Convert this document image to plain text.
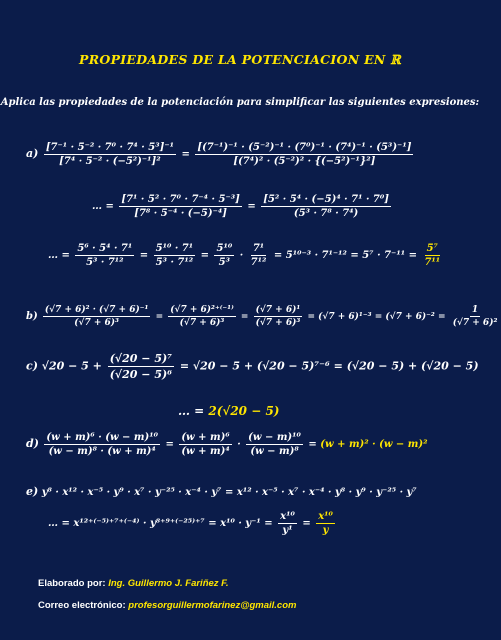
PROPIEDADES DE LA POTENCIACION EN ℝ
Aplica las propiedades de la potenciación para simplificar las siguientes expresiones:
$a) \frac{\text{[7⁻¹ · 5⁻² · 7⁰ · 7⁴ · 5³]⁻¹}}{\text{[7⁴ · 5⁻² · (−5²)⁻¹]²}} = \frac{\text{[(7⁻¹)⁻¹ · (5⁻²)⁻¹ · (7⁰)⁻¹ · (7⁴)⁻¹ · (5³)⁻¹]}}{\text{[(7⁴)² · (5⁻²)² · \{(−5²)⁻¹\}²]}}$
… = $\frac{\text{[7¹ · 5² · 7⁰ · 7⁻⁴ · 5⁻³]}}{\text{[7⁸ · 5⁻⁴ · (−5)⁻⁴]}} = \frac{\text{[5² · 5⁴ · (−5)⁴ · 7¹ · 7⁰]}}{\text{(5³ · 7⁸ · 7⁴)}}$
… = $\frac{\text{5⁶ · 5⁴ · 7¹}}{\text{5³ · 7¹²}} = \frac{\text{5¹⁰ · 7¹}}{\text{5³ · 7¹²}} = \frac{\text{5¹⁰}}{\text{5³}} \cdot \frac{\text{7¹}}{\text{7¹²}} = 5^{10-3} \cdot 7^{1-12} = 5^7 \cdot 7^{-11} = \frac{\text{5⁷}}{\text{7¹¹}}$
$b) \frac{\text{(√7 + 6)² · (√7 + 6)⁻¹}}{\text{(√7 + 6)³}} = \frac{\text{(√7 + 6)²⁺⁽⁻¹⁾}}{\text{(√7 + 6)³}} = \frac{\text{(√7 + 6)¹}}{\text{(√7 + 6)³}} = (√7 + 6)^{1-3} = (√7 + 6)^{-2} = \frac{1}{\text{(√7 + 6)²}}$
c) $√20 - 5 + \frac{\text{(√20 − 5)⁷}}{\text{(√20 − 5)⁶}} = √20 - 5 + (√20 - 5)^{7-6} = (√20 - 5) + (√20 - 5)$
… = 2(√20 − 5)
$d) \frac{\text{(w + m)⁶ · (w − m)¹⁰}}{\text{(w − m)⁸ · (w + m)⁴}} = \frac{\text{(w + m)⁶}}{\text{(w + m)⁴}} \cdot \frac{\text{(w − m)¹⁰}}{\text{(w − m)⁸}} = (w + m)^2 \cdot (w - m)^2$
e) y⁸ · x¹² · x⁻⁵ · y⁹ · x⁷ · y⁻²⁵ · x⁻⁴ · y⁷ = x¹² · x⁻⁵ · x⁷ · x⁻⁴ · y⁸ · y⁹ · y⁻²⁵ · y⁷
… = $x^{12+(-5)+7+(-4)} \cdot y^{8+9+(-25)+7} = x^{10} \cdot y^{-1} = \frac{\text{x¹⁰}}{\text{y¹}} = \frac{\text{x¹⁰}}{y}$
Elaborado por: Ing. Guillermo J. Fariñez F.
Correo electrónico: profesorguillermofarinez@gmail.com
